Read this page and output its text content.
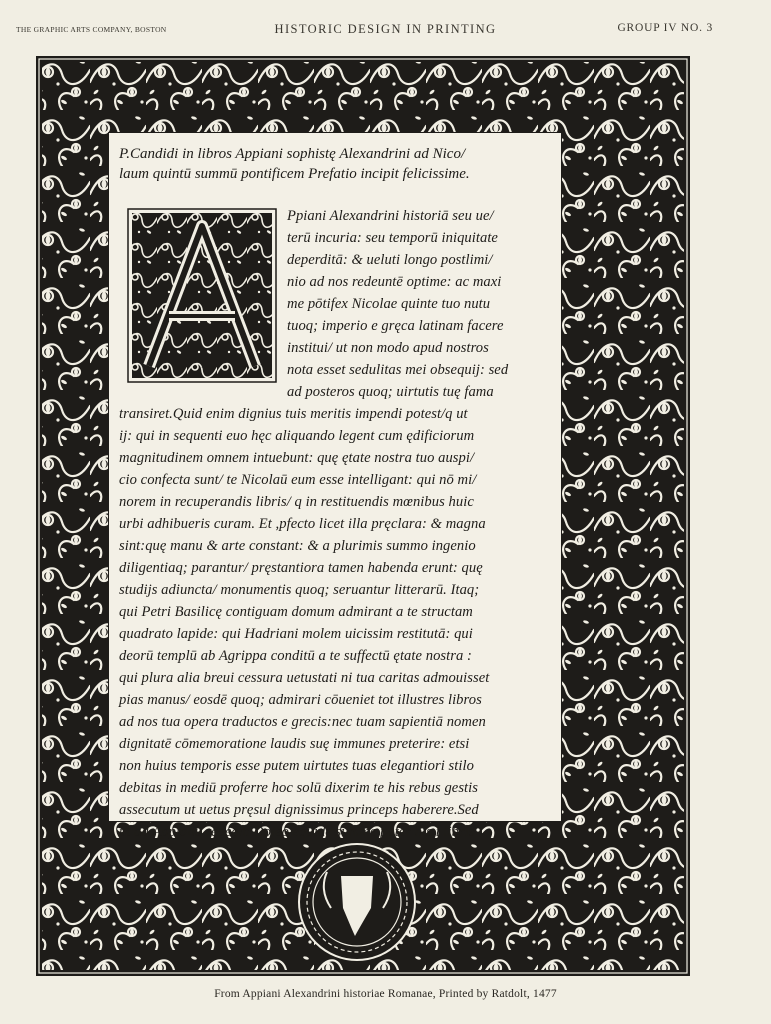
THE GRAPHIC ARTS COMPANY, BOSTON	HISTORIC DESIGN IN PRINTING	GROUP IV NO. 3
P.Candidi in libros Appiani sophistę Alexandrini ad Nico/
laum quintū summū pontificem Prefatio incipit felicissime.
A
Ppiani Alexandrini historiā seu ue/
terū incuria: seu temporū iniquitate
deperditā: & ueluti longo postlimi/
nio ad nos redeuntē optime: ac maxi
me pōtifex Nicolae quinte tuo nutu
tuoq; imperio e gręca latinam facere
institui/ ut non modo apud nostros
nota esset sedulitas mei obsequij: sed
ad posteros quoq; uirtutis tuę fama
transiret.Quid enim dignius tuis meritis impendi potest/q ut
ij: qui in sequenti euo hęc aliquando legent cum ędificiorum
magnitudinem omnem intuebunt: quę ętate nostra tuo auspi/
cio confecta sunt/ te Nicolaū eum esse intelligant: qui nō mi/
norem in recuperandis libris/ q in restituendis mœnibus huic
urbi adhibueris curam. Et ,pfecto licet illa pręclara: & magna
sint:quę manu & arte constant: & a plurimis summo ingenio
diligentiaq; parantur/ pręstantiora tamen habenda erunt: quę
studijs adiuncta/ monumentis quoq; seruantur litterarū. Itaq;
qui Petri Basilicę contiguam domum admirant a te structam
quadrato lapide: qui Hadriani molem uicissim restitutā: qui
deorū templū ab Agrippa conditū a te suffectū ętate nostra :
qui plura alia breui cessura uetustati ni tua caritas admouisset
pias manus/ eosdē quoq; admirari cōueniet tot illustres libros
ad nos tua opera traductos e grecis:nec tuam sapientiā nomen
dignitatē cōmemoratione laudis suę immunes preterire: etsi
non huius temporis esse putem uirtutes tuas elegantiori stilo
debitas in mediū proferre hoc solū dixerim te his rebus gestis
assecutum ut uetus pręsul dignissimus princeps haberere.Sed
ut ad Appianū redeam Doleo equidē summe pater his i libris
From Appiani Alexandrini historiae Romanae, Printed by Ratdolt, 1477
